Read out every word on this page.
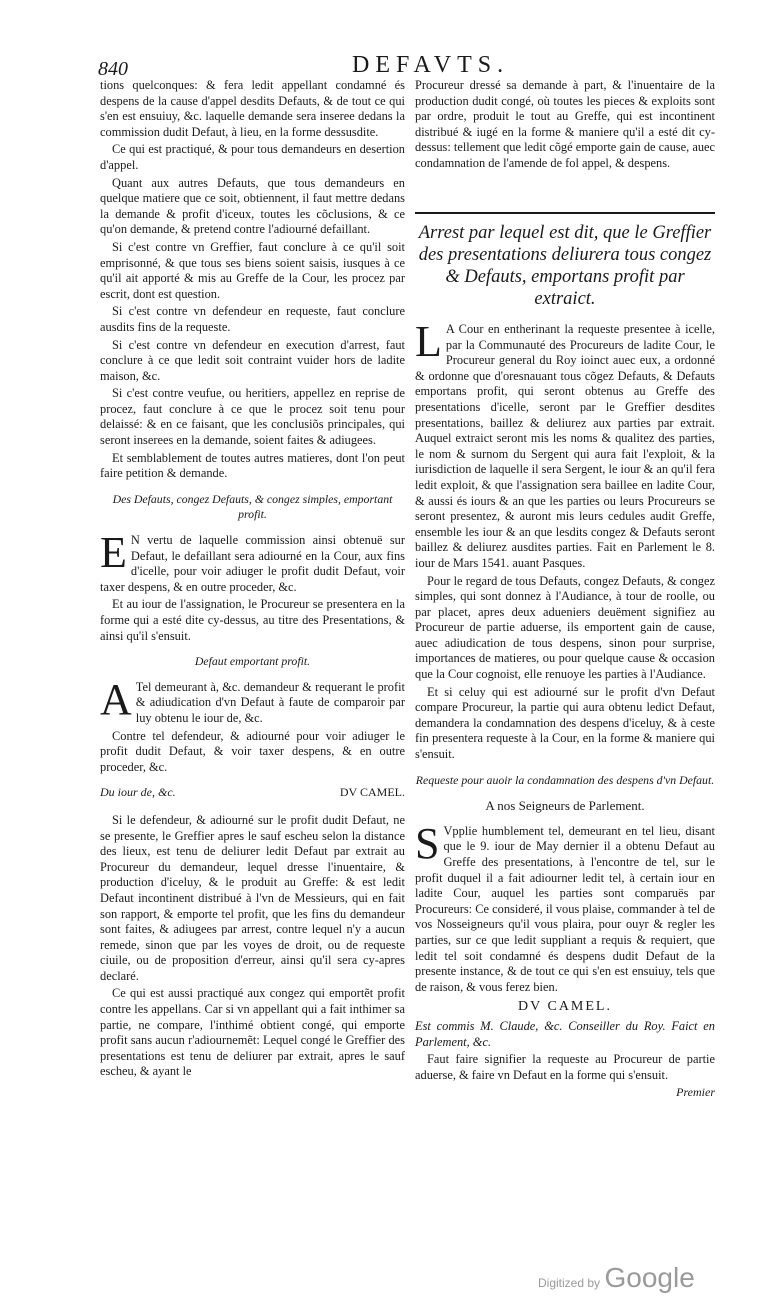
840	DEFAVTS.

tions quelconques: & fera ledit appellant condamné és despens de la cause d'appel desdits Defauts, & de tout ce qui s'en est ensuiuy, &c. laquelle demande sera inseree dedans la commission dudit Defaut, à lieu, en la forme dessusdite.

Ce qui est practiqué, & pour tous demandeurs en desertion d'appel.

Quant aux autres Defauts, que tous demandeurs en quelque matiere que ce soit, obtiennent, il faut mettre dedans la demande & profit d'iceux, toutes les cõclusions, & ce qu'on demande, & pretend contre l'adiourné defaillant.

Si c'est contre vn Greffier, faut conclure à ce qu'il soit emprisonné, & que tous ses biens soient saisis, iusques à ce qu'il ait apporté & mis au Greffe de la Cour, les procez par escrit, dont est question.

Si c'est contre vn defendeur en requeste, faut conclure ausdits fins de la requeste.

Si c'est contre vn defendeur en execution d'arrest, faut conclure à ce que ledit soit contraint vuider hors de ladite maison, &c.

Si c'est contre veufue, ou heritiers, appellez en reprise de procez, faut conclure à ce que le procez soit tenu pour delaissé: & en ce faisant, que les conclusiõs principales, qui seront inserees en la demande, soient faites & adiugees.

Et semblablement de toutes autres matieres, dont l'on peut faire petition & demande.

Des Defauts, congez Defauts, & congez simples, emportant profit.

E N vertu de laquelle commission ainsi obtenuë sur Defaut, le defaillant sera adiourné en la Cour, aux fins d'icelle, pour voir adiuger le profit dudit Defaut, voir taxer despens, & en outre proceder, &c.

Et au iour de l'assignation, le Procureur se presentera en la forme qui a esté dite cy-dessus, au titre des Presentations, & ainsi qu'il s'ensuit.

Defaut emportant profit.

A Tel demeurant à, &c. demandeur & requerant le profit & adiudication d'vn Defaut à faute de comparoir par luy obtenu le iour de, &c.

Contre tel defendeur, & adiourné pour voir adiuger le profit dudit Defaut, & voir taxer despens, & en outre proceder, &c.

Du iour de, &c.	DV CAMEL.

Si le defendeur, & adiourné sur le profit dudit Defaut, ne se presente, le Greffier apres le sauf escheu selon la distance des lieux, est tenu de deliurer ledit Defaut par extrait au Procureur du demandeur, lequel dresse l'inuentaire, & production d'iceluy, & le produit au Greffe: & est ledit Defaut incontinent distribué à l'vn de Messieurs, qui en fait son rapport, & emporte tel profit, que les fins du demandeur sont faites, & adiugees par arrest, contre lequel n'y a aucun remede, sinon que par les voyes de droit, ou de requeste ciuile, ou de proposition d'erreur, ainsi qu'il sera cy-apres declaré.

Ce qui est aussi practiqué aux congez qui emportẽt profit contre les appellans. Car si vn appellant qui a fait inthimer sa partie, ne compare, l'inthimé obtient congé, qui emporte profit sans aucun r'adiournemẽt: Lequel congé le Greffier des presentations est tenu de deliurer par extrait, apres le sauf escheu, & ayant le

Procureur dressé sa demande à part, & l'inuentaire de la production dudit congé, où toutes les pieces & exploits sont par ordre, produit le tout au Greffe, qui est incontinent distribué & iugé en la forme & maniere qu'il a esté dit cy-dessus: tellement que ledit cõgé emporte gain de cause, auec condamnation de l'amende de fol appel, & despens.

Arrest par lequel est dit, que le Greffier des presentations deliurera tous congez & Defauts, emportans profit par extraict.

L A Cour en entherinant la requeste presentee à icelle, par la Communauté des Procureurs de ladite Cour, le Procureur general du Roy ioinct auec eux, a ordonné & ordonne que d'oresnauant tous cõgez Defauts, & Defauts emportans profit, qui seront obtenus au Greffe des presentations d'icelle, seront par le Greffier desdites presentations, baillez & deliurez aux parties par extrait. Auquel extraict seront mis les noms & qualitez des parties, le nom & surnom du Sergent qui aura fait l'exploit, & la iurisdiction de laquelle il sera Sergent, le iour & an qu'il fera ledit exploit, & que l'assignation sera baillee en ladite Cour, & aussi és iours & an que les parties ou leurs Procureurs se seront presentez, & auront mis leurs cedules audit Greffe, ensemble les iour & an que lesdits congez & Defauts seront baillez & deliurez ausdites parties. Fait en Parlement le 8. iour de Mars 1541. auant Pasques.

Pour le regard de tous Defauts, congez Defauts, & congez simples, qui sont donnez à l'Audiance, à tour de roolle, ou par placet, apres deux adueniers deuëment signifiez au Procureur de partie aduerse, ils emportent gain de cause, auec adiudication de tous despens, sinon pour surprise, importances de matieres, ou pour quelque cause & occasion que la Cour cognoist, elle renuoye les parties à l'Audiance.

Et si celuy qui est adiourné sur le profit d'vn Defaut compare Procureur, la partie qui aura obtenu ledict Defaut, demandera la condamnation des despens d'iceluy, & à ceste fin presentera requeste à la Cour, en la forme & maniere qui s'ensuit.

Requeste pour auoir la condamnation des despens d'vn Defaut.
A nos Seigneurs de Parlement.

S Vpplie humblement tel, demeurant en tel lieu, disant que le 9. iour de May dernier il a obtenu Defaut au Greffe des presentations, à l'encontre de tel, sur le profit duquel il a fait adiourner ledit tel, à certain iour en ladite Cour, auquel les parties sont comparuës par Procureurs: Ce consideré, il vous plaise, commander à tel de vos Nosseigneurs qu'il vous plaira, pour ouyr & regler les parties, sur ce que ledit suppliant a requis & requiert, que ledit tel soit condamné és despens dudit Defaut de la presente instance, & de tout ce qui s'en est ensuiuy, tels que de raison, & vous ferez bien.

DV CAMEL.

Est commis M. Claude, &c. Conseiller du Roy. Faict en Parlement, &c.

Faut faire signifier la requeste au Procureur de partie aduerse, & faire vn Defaut en la forme qui s'ensuit.

Premier
Digitized by Google
